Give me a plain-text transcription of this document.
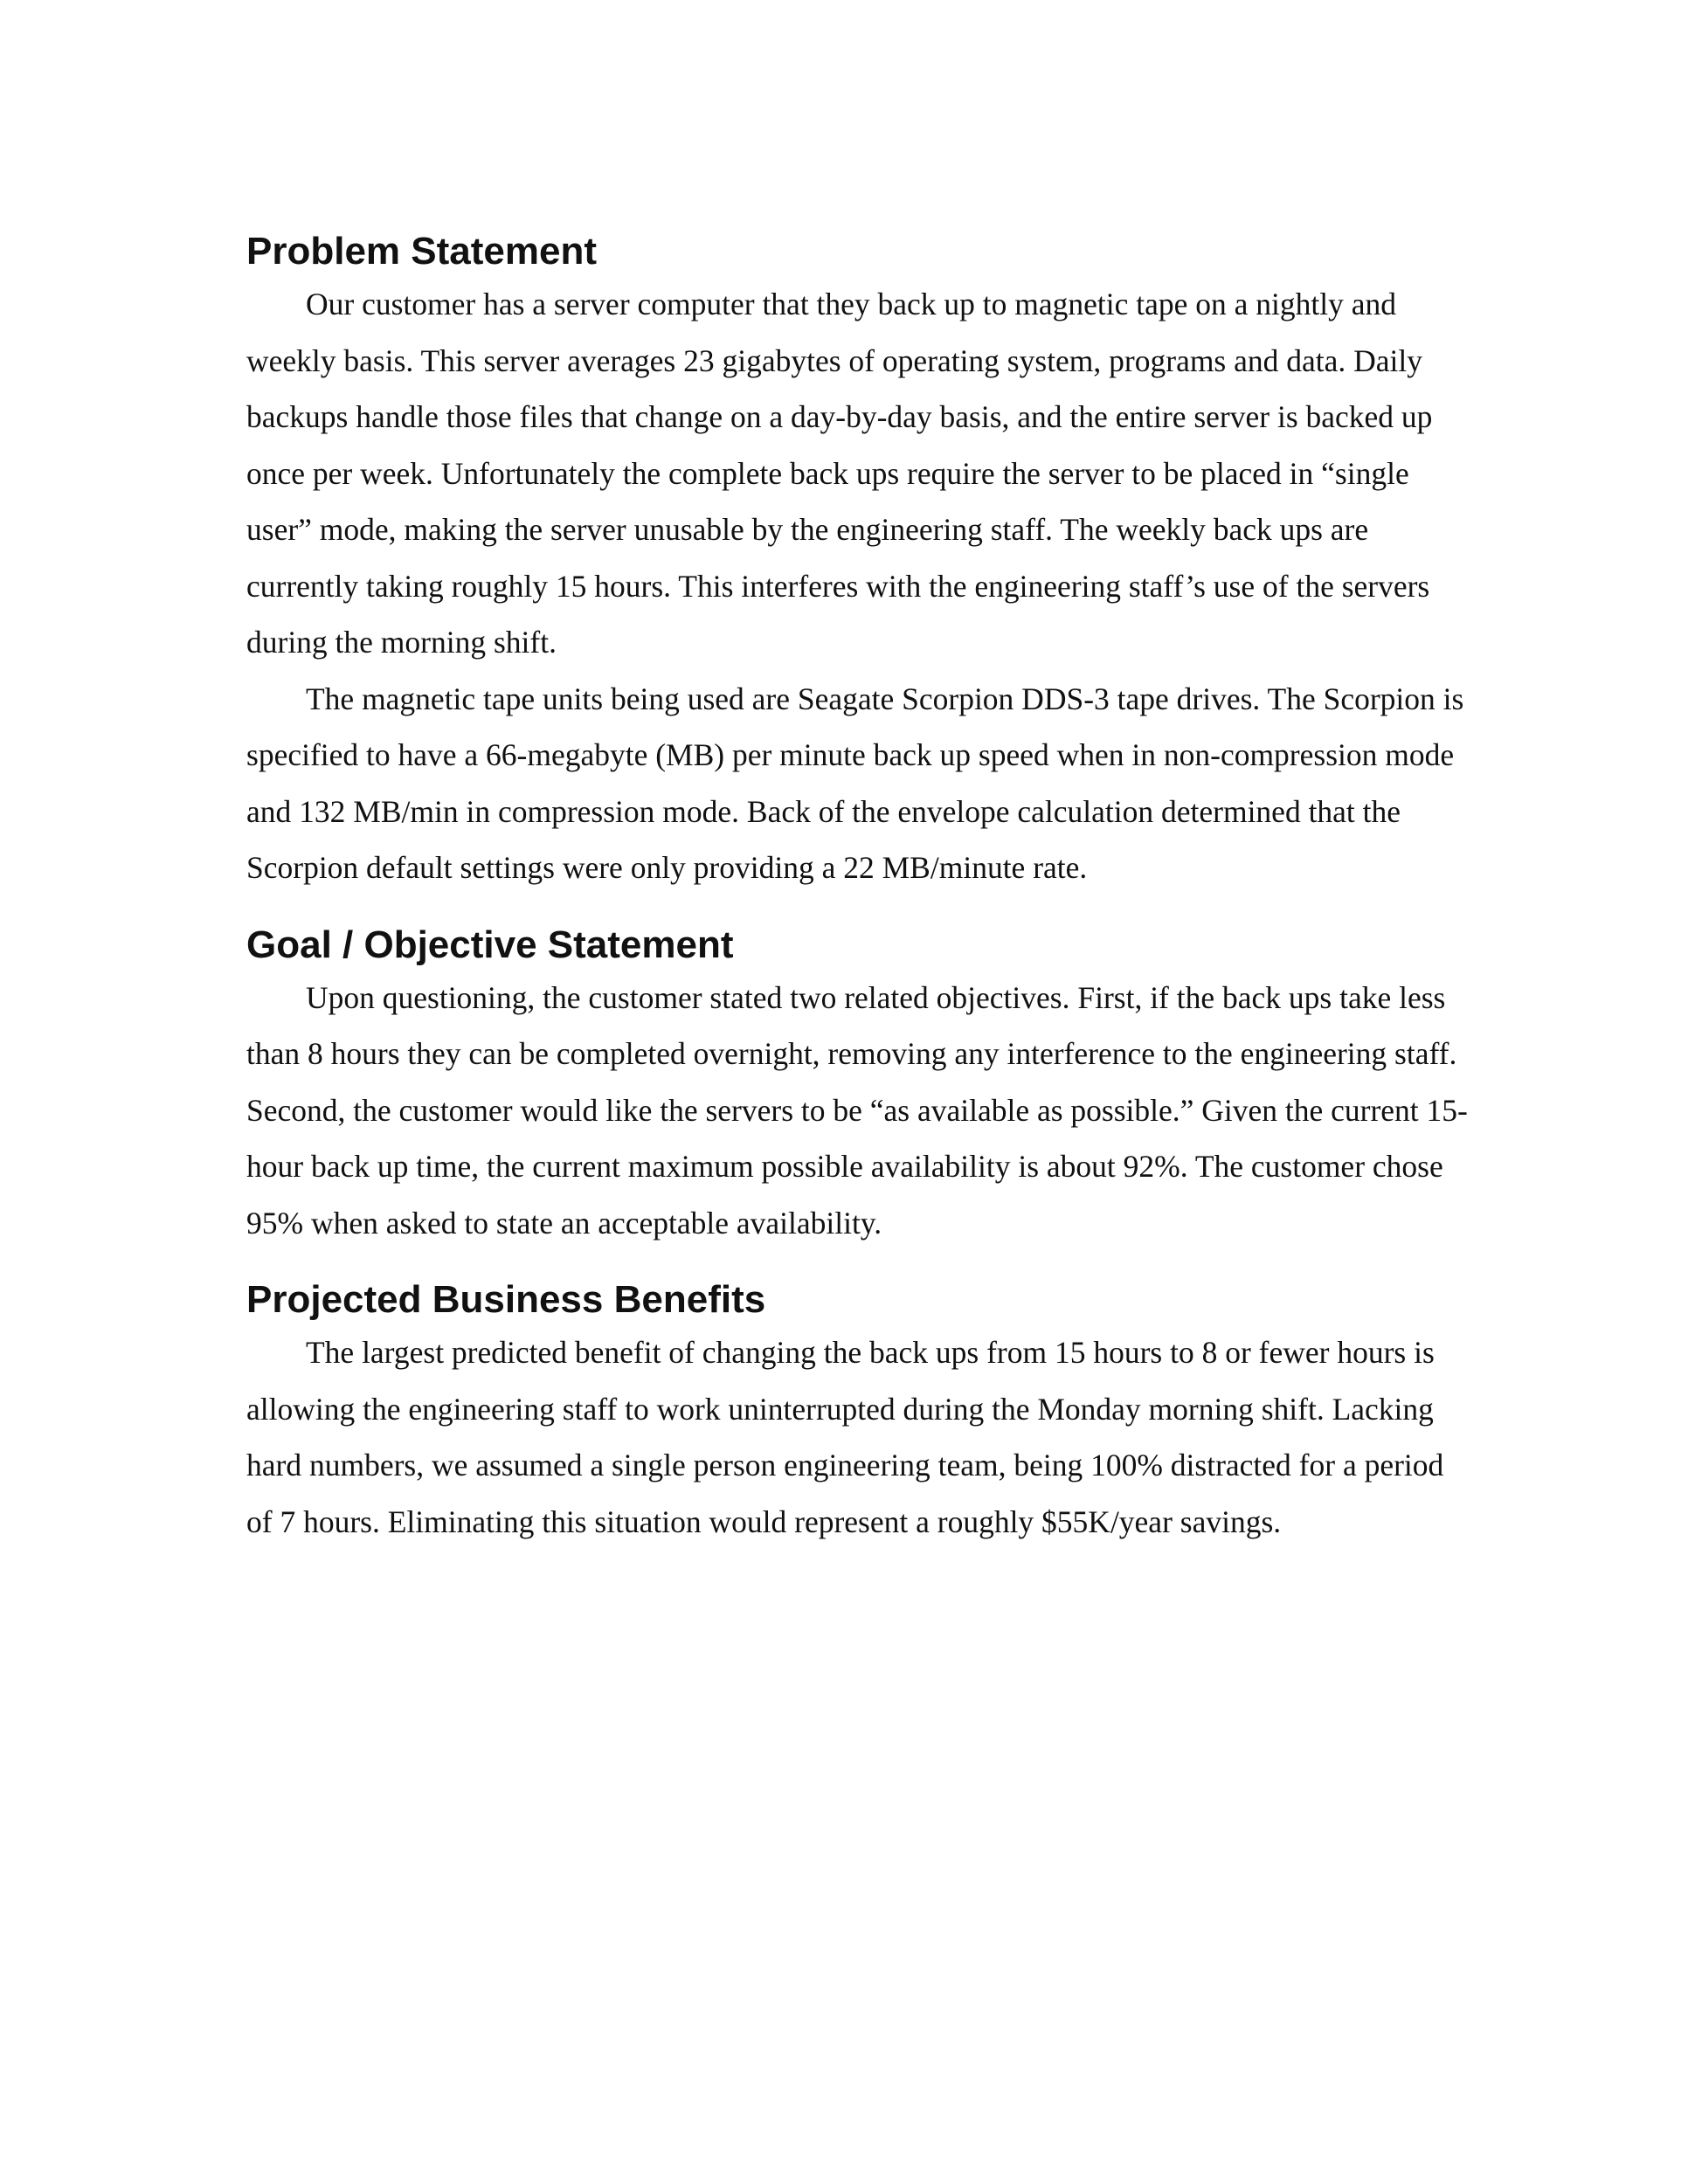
Problem Statement

Our customer has a server computer that they back up to magnetic tape on a nightly and weekly basis. This server averages 23 gigabytes of operating system, programs and data. Daily backups handle those files that change on a day-by-day basis, and the entire server is backed up once per week. Unfortunately the complete back ups require the server to be placed in “single user” mode, making the server unusable by the engineering staff. The weekly back ups are currently taking roughly 15 hours. This interferes with the engineering staff’s use of the servers during the morning shift.

The magnetic tape units being used are Seagate Scorpion DDS-3 tape drives. The Scorpion is specified to have a 66-megabyte (MB) per minute back up speed when in non-compression mode and 132 MB/min in compression mode. Back of the envelope calculation determined that the Scorpion default settings were only providing a 22 MB/minute rate.

Goal / Objective Statement

Upon questioning, the customer stated two related objectives. First, if the back ups take less than 8 hours they can be completed overnight, removing any interference to the engineering staff. Second, the customer would like the servers to be “as available as possible.” Given the current 15-hour back up time, the current maximum possible availability is about 92%. The customer chose 95% when asked to state an acceptable availability.

Projected Business Benefits

The largest predicted benefit of changing the back ups from 15 hours to 8 or fewer hours is allowing the engineering staff to work uninterrupted during the Monday morning shift. Lacking hard numbers, we assumed a single person engineering team, being 100% distracted for a period of 7 hours. Eliminating this situation would represent a roughly $55K/year savings.
